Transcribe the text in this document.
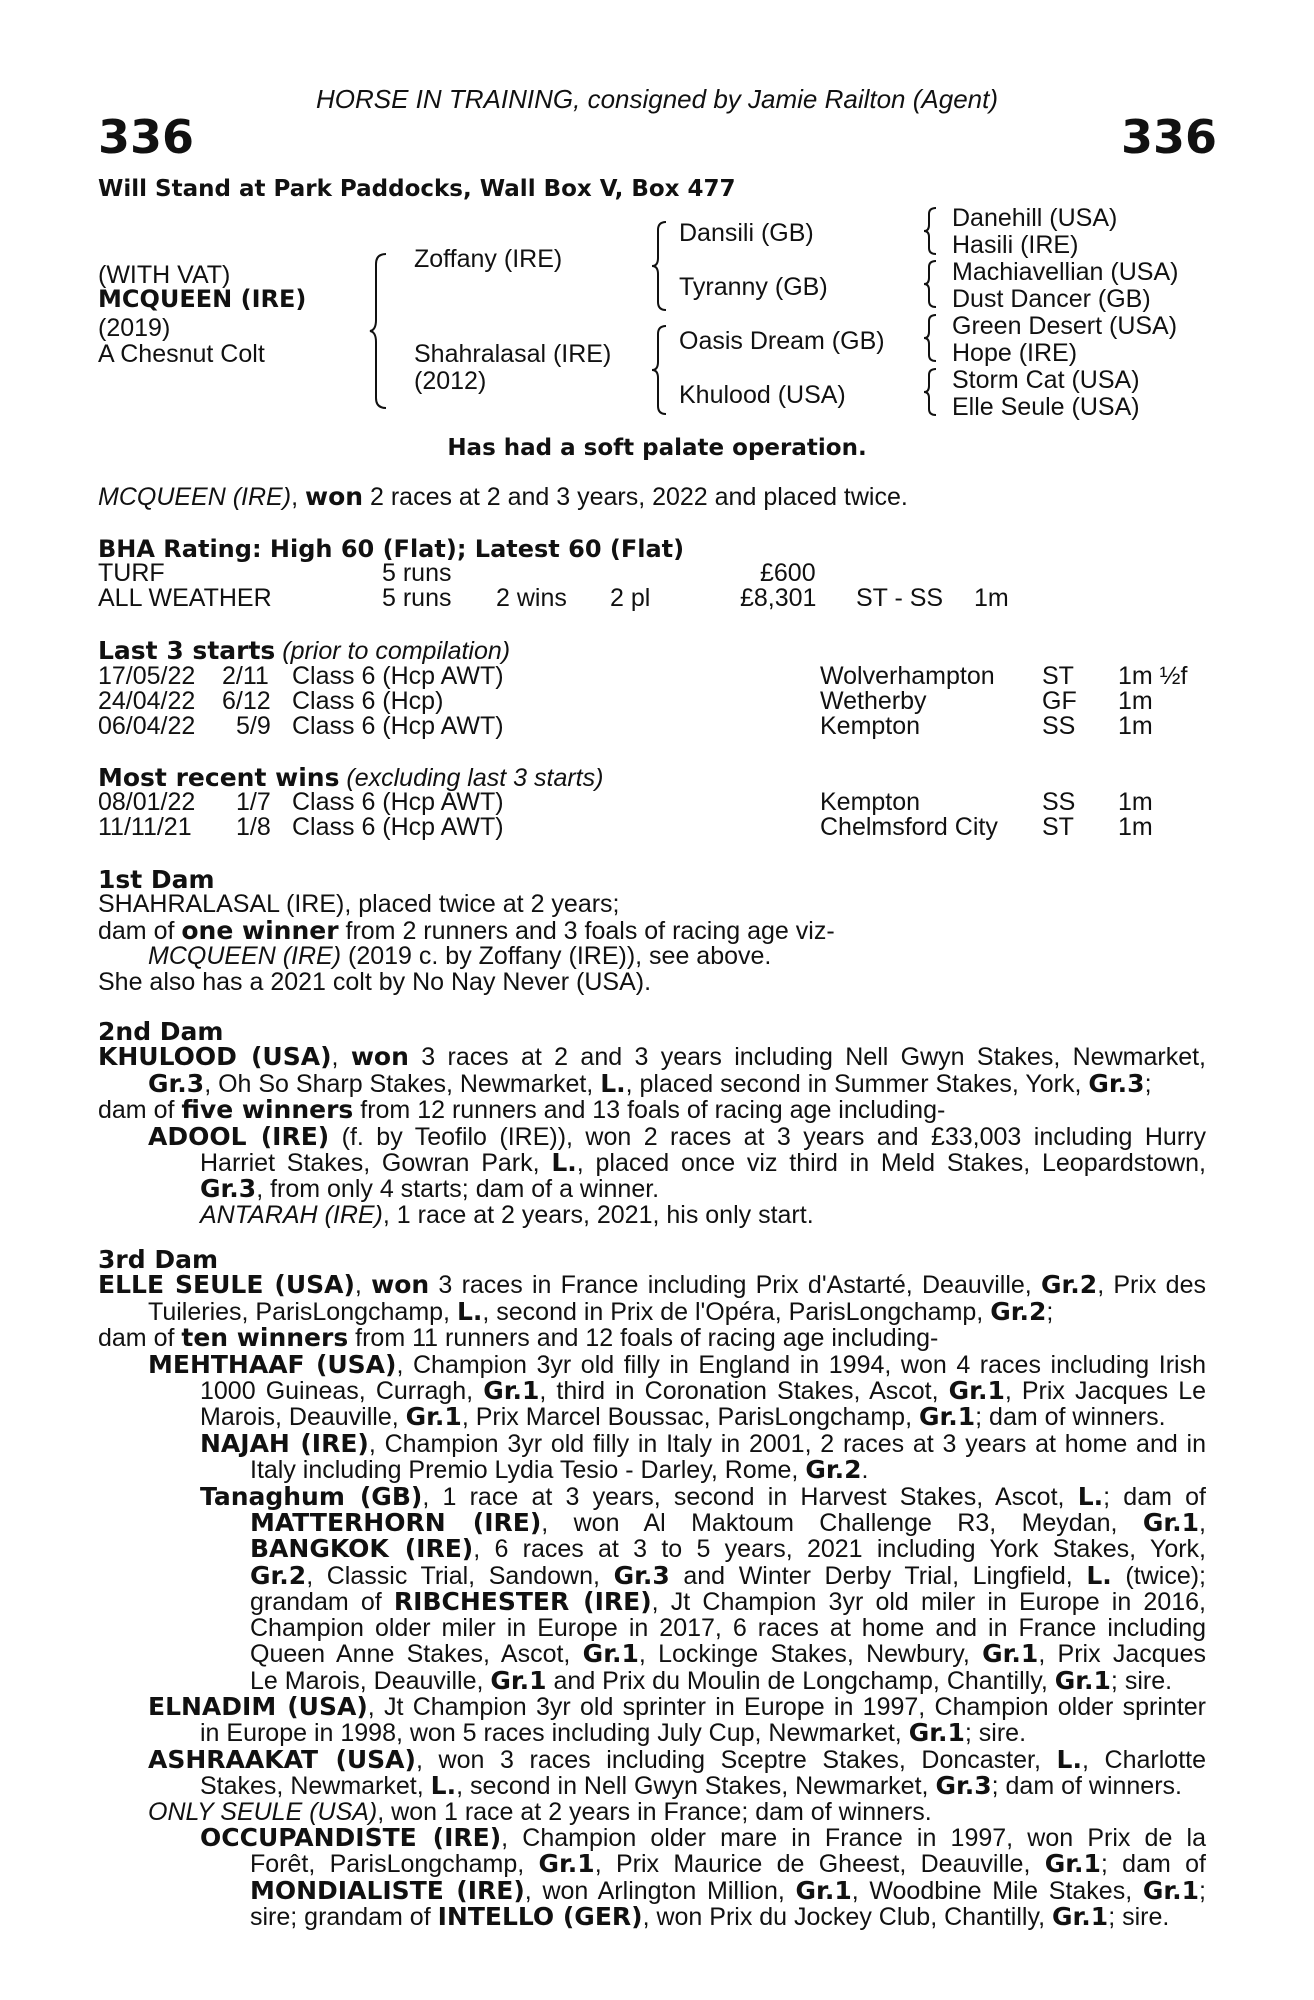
HORSE IN TRAINING, consigned by Jamie Railton (Agent)
336	336
Will Stand at Park Paddocks, Wall Box V, Box 477
(WITH VAT)
MCQUEEN (IRE)
(2019)
A Chesnut Colt
Zoffany (IRE)
Shahralasal (IRE)
(2012)
Dansili (GB)
Tyranny (GB)
Oasis Dream (GB)
Khulood (USA)
Danehill (USA)
Hasili (IRE)
Machiavellian (USA)
Dust Dancer (GB)
Green Desert (USA)
Hope (IRE)
Storm Cat (USA)
Elle Seule (USA)
Has had a soft palate operation.
MCQUEEN (IRE), won 2 races at 2 and 3 years, 2022 and placed twice.
BHA Rating: High 60 (Flat); Latest 60 (Flat)
TURF	5 runs	£600
ALL WEATHER	5 runs 2 wins 2 pl	£8,301 ST - SS 1m
Last 3 starts (prior to compilation)
17/05/22 2/11 Class 6 (Hcp AWT)	Wolverhampton ST 1m ½f
24/04/22 6/12 Class 6 (Hcp)	Wetherby	GF 1m
06/04/22 5/9 Class 6 (Hcp AWT)	Kempton	SS 1m
Most recent wins (excluding last 3 starts)
08/01/22 1/7 Class 6 (Hcp AWT)	Kempton	SS 1m
11/11/21 1/8 Class 6 (Hcp AWT)	Chelmsford City ST 1m
1st Dam
SHAHRALASAL (IRE), placed twice at 2 years;
dam of one winner from 2 runners and 3 foals of racing age viz-
MCQUEEN (IRE) (2019 c. by Zoffany (IRE)), see above.
She also has a 2021 colt by No Nay Never (USA).
2nd Dam
KHULOOD (USA), won 3 races at 2 and 3 years including Nell Gwyn Stakes, Newmarket,
Gr.3, Oh So Sharp Stakes, Newmarket, L., placed second in Summer Stakes, York, Gr.3;
dam of five winners from 12 runners and 13 foals of racing age including-
ADOOL (IRE) (f. by Teofilo (IRE)), won 2 races at 3 years and £33,003 including Hurry
Harriet Stakes, Gowran Park, L., placed once viz third in Meld Stakes, Leopardstown,
Gr.3, from only 4 starts; dam of a winner.
ANTARAH (IRE), 1 race at 2 years, 2021, his only start.
3rd Dam
ELLE SEULE (USA), won 3 races in France including Prix d'Astarté, Deauville, Gr.2, Prix des
Tuileries, ParisLongchamp, L., second in Prix de l'Opéra, ParisLongchamp, Gr.2;
dam of ten winners from 11 runners and 12 foals of racing age including-
MEHTHAAF (USA), Champion 3yr old filly in England in 1994, won 4 races including Irish
1000 Guineas, Curragh, Gr.1, third in Coronation Stakes, Ascot, Gr.1, Prix Jacques Le
Marois, Deauville, Gr.1, Prix Marcel Boussac, ParisLongchamp, Gr.1; dam of winners.
NAJAH (IRE), Champion 3yr old filly in Italy in 2001, 2 races at 3 years at home and in
Italy including Premio Lydia Tesio - Darley, Rome, Gr.2.
Tanaghum (GB), 1 race at 3 years, second in Harvest Stakes, Ascot, L.; dam of
MATTERHORN (IRE), won Al Maktoum Challenge R3, Meydan, Gr.1,
BANGKOK (IRE), 6 races at 3 to 5 years, 2021 including York Stakes, York,
Gr.2, Classic Trial, Sandown, Gr.3 and Winter Derby Trial, Lingfield, L. (twice);
grandam of RIBCHESTER (IRE), Jt Champion 3yr old miler in Europe in 2016,
Champion older miler in Europe in 2017, 6 races at home and in France including
Queen Anne Stakes, Ascot, Gr.1, Lockinge Stakes, Newbury, Gr.1, Prix Jacques
Le Marois, Deauville, Gr.1 and Prix du Moulin de Longchamp, Chantilly, Gr.1; sire.
ELNADIM (USA), Jt Champion 3yr old sprinter in Europe in 1997, Champion older sprinter
in Europe in 1998, won 5 races including July Cup, Newmarket, Gr.1; sire.
ASHRAAKAT (USA), won 3 races including Sceptre Stakes, Doncaster, L., Charlotte
Stakes, Newmarket, L., second in Nell Gwyn Stakes, Newmarket, Gr.3; dam of winners.
ONLY SEULE (USA), won 1 race at 2 years in France; dam of winners.
OCCUPANDISTE (IRE), Champion older mare in France in 1997, won Prix de la
Forêt, ParisLongchamp, Gr.1, Prix Maurice de Gheest, Deauville, Gr.1; dam of
MONDIALISTE (IRE), won Arlington Million, Gr.1, Woodbine Mile Stakes, Gr.1;
sire; grandam of INTELLO (GER), won Prix du Jockey Club, Chantilly, Gr.1; sire.
